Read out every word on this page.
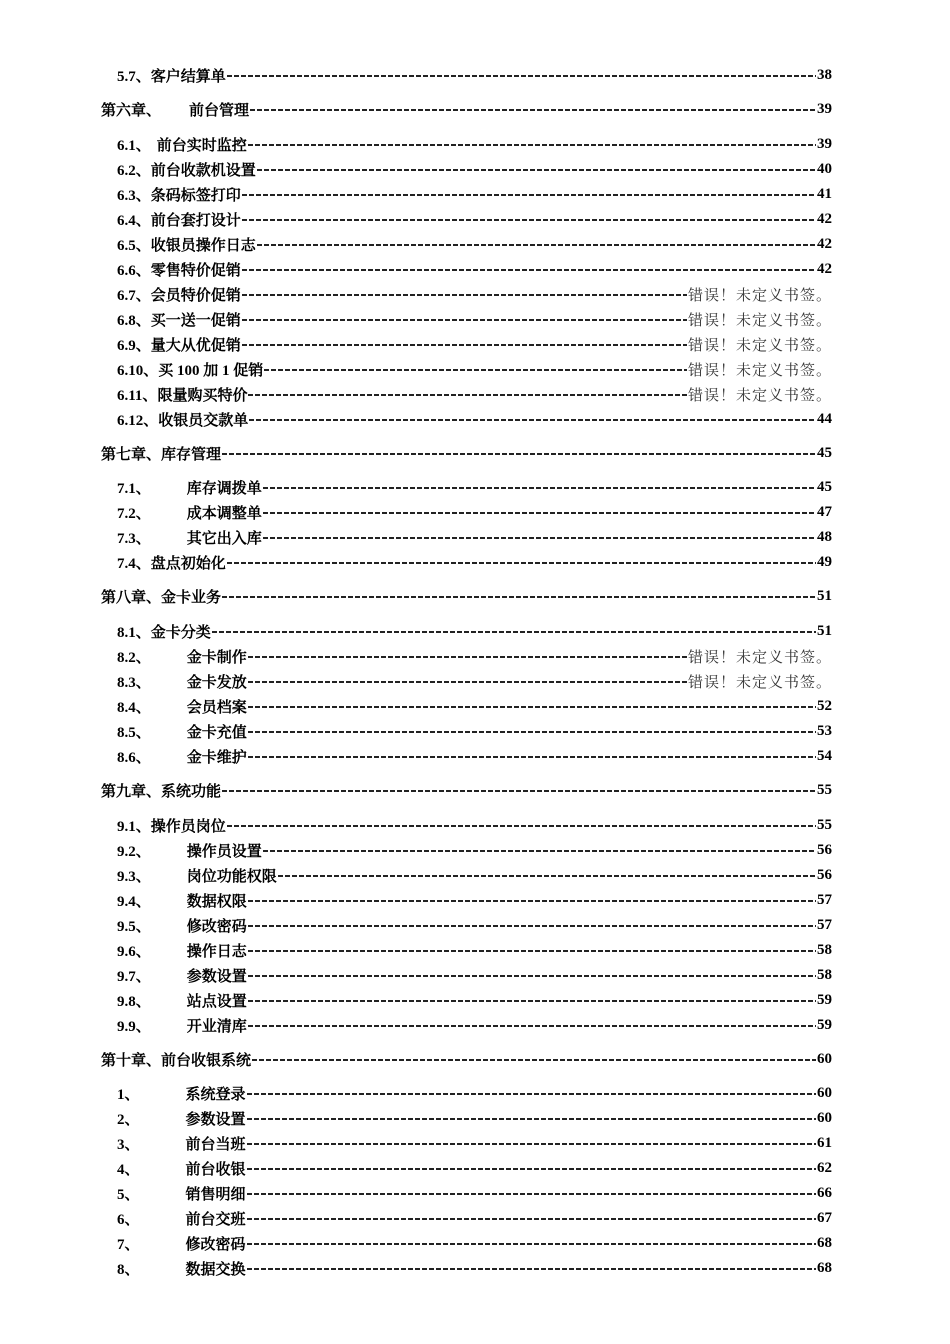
5.7、 客户结算单	38
第六章、 前台管理	39
6.1、 前台实时监控	39
6.2、 前台收款机设置	40
6.3、 条码标签打印	41
6.4、 前台套打设计	42
6.5、 收银员操作日志	42
6.6、 零售特价促销	42
6.7、 会员特价促销	错误！未定义书签。
6.8、 买一送一促销	错误！未定义书签。
6.9、 量大从优促销	错误！未定义书签。
6.10、 买 100 加 1 促销	错误！未定义书签。
6.11、 限量购买特价	错误！未定义书签。
6.12、 收银员交款单	44
第七章、 库存管理	45
7.1、 库存调拨单	45
7.2、 成本调整单	47
7.3、 其它出入库	48
7.4、 盘点初始化	49
第八章、 金卡业务	51
8.1、 金卡分类	51
8.2、 金卡制作	错误！未定义书签。
8.3、 金卡发放	错误！未定义书签。
8.4、 会员档案	52
8.5、 金卡充值	53
8.6、 金卡维护	54
第九章、 系统功能	55
9.1、 操作员岗位	55
9.2、 操作员设置	56
9.3、 岗位功能权限	56
9.4、 数据权限	57
9.5、 修改密码	57
9.6、 操作日志	58
9.7、 参数设置	58
9.8、 站点设置	59
9.9、 开业清库	59
第十章、 前台收银系统	60
1、	系统登录	60
2、	参数设置	60
3、	前台当班	61
4、	前台收银	62
5、	销售明细	66
6、	前台交班	67
7、	修改密码	68
8、	数据交换	68
